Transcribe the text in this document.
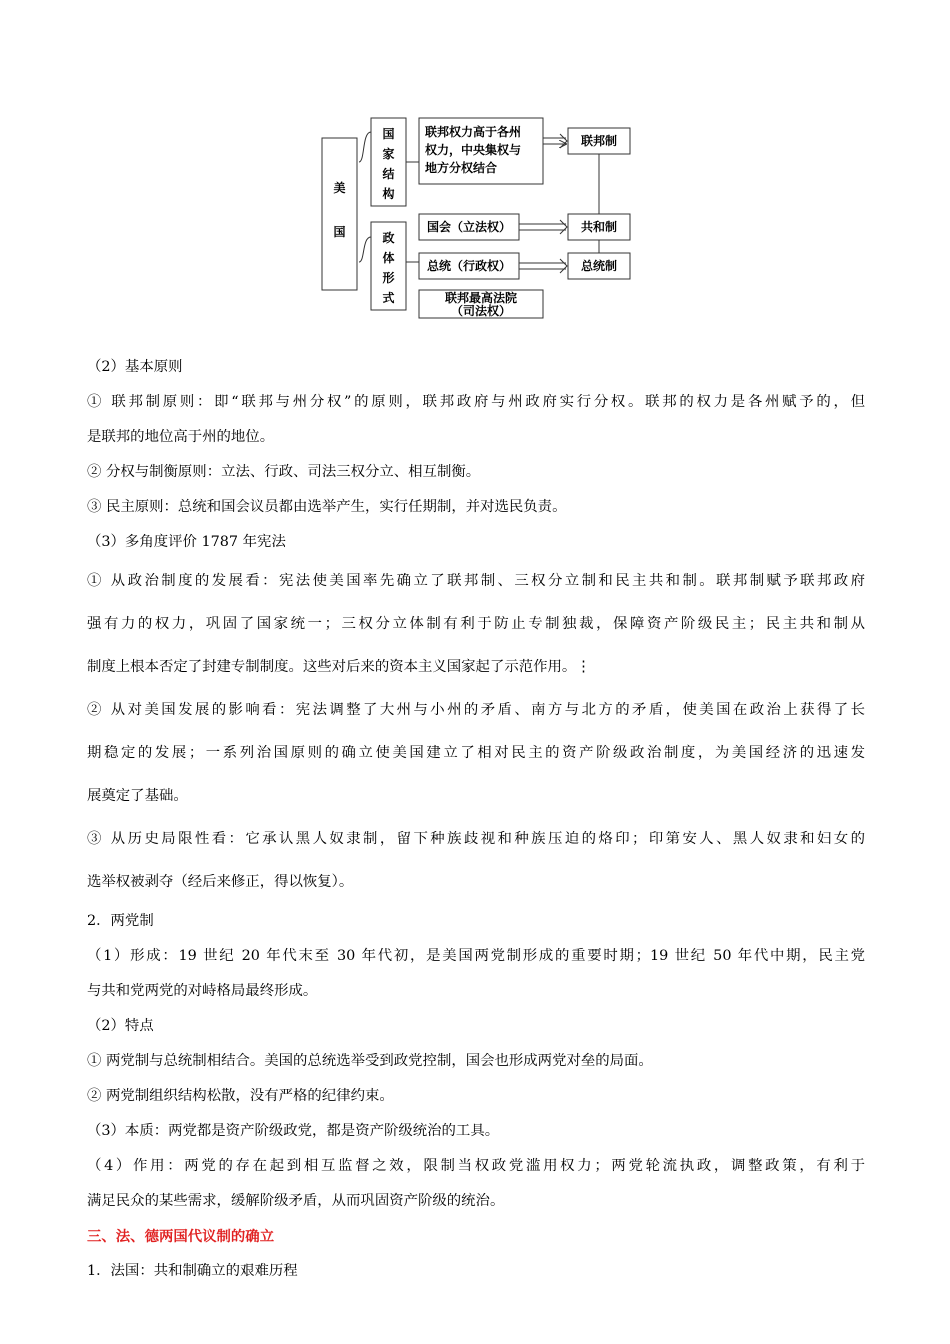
美
国
国
家
结
构
政
体
形
式
联邦权力高于各州
权力，中央集权与
地方分权结合
联邦制
国会（立法权）	共和制
总统（行政权）	总统制
联邦最高法院
（司法权）
（2）基本原则
① 联邦制原则：即“联邦与州分权”的原则，联邦政府与州政府实行分权。联邦的权力是各州赋予的，但
是联邦的地位高于州的地位。
② 分权与制衡原则：立法、行政、司法三权分立、相互制衡。
③ 民主原则：总统和国会议员都由选举产生，实行任期制，并对选民负责。
（3）多角度评价 1787 年宪法
① 从政治制度的发展看：宪法使美国率先确立了联邦制、三权分立制和民主共和制。联邦制赋予联邦政府
强有力的权力，巩固了国家统一；三权分立体制有利于防止专制独裁，保障资产阶级民主；民主共和制从
制度上根本否定了封建专制制度。这些对后来的资本主义国家起了示范作用。⋮
② 从对美国发展的影响看：宪法调整了大州与小州的矛盾、南方与北方的矛盾，使美国在政治上获得了长
期稳定的发展；一系列治国原则的确立使美国建立了相对民主的资产阶级政治制度，为美国经济的迅速发
展奠定了基础。
③ 从历史局限性看：它承认黑人奴隶制，留下种族歧视和种族压迫的烙印；印第安人、黑人奴隶和妇女的
选举权被剥夺（经后来修正，得以恢复）。
2．两党制
（1）形成：19 世纪 20 年代末至 30 年代初，是美国两党制形成的重要时期；19 世纪 50 年代中期，民主党
与共和党两党的对峙格局最终形成。
（2）特点
① 两党制与总统制相结合。美国的总统选举受到政党控制，国会也形成两党对垒的局面。
② 两党制组织结构松散，没有严格的纪律约束。
（3）本质：两党都是资产阶级政党，都是资产阶级统治的工具。
（4）作用：两党的存在起到相互监督之效，限制当权政党滥用权力；两党轮流执政，调整政策，有利于
满足民众的某些需求，缓解阶级矛盾，从而巩固资产阶级的统治。
三、法、德两国代议制的确立
1．法国：共和制确立的艰难历程
